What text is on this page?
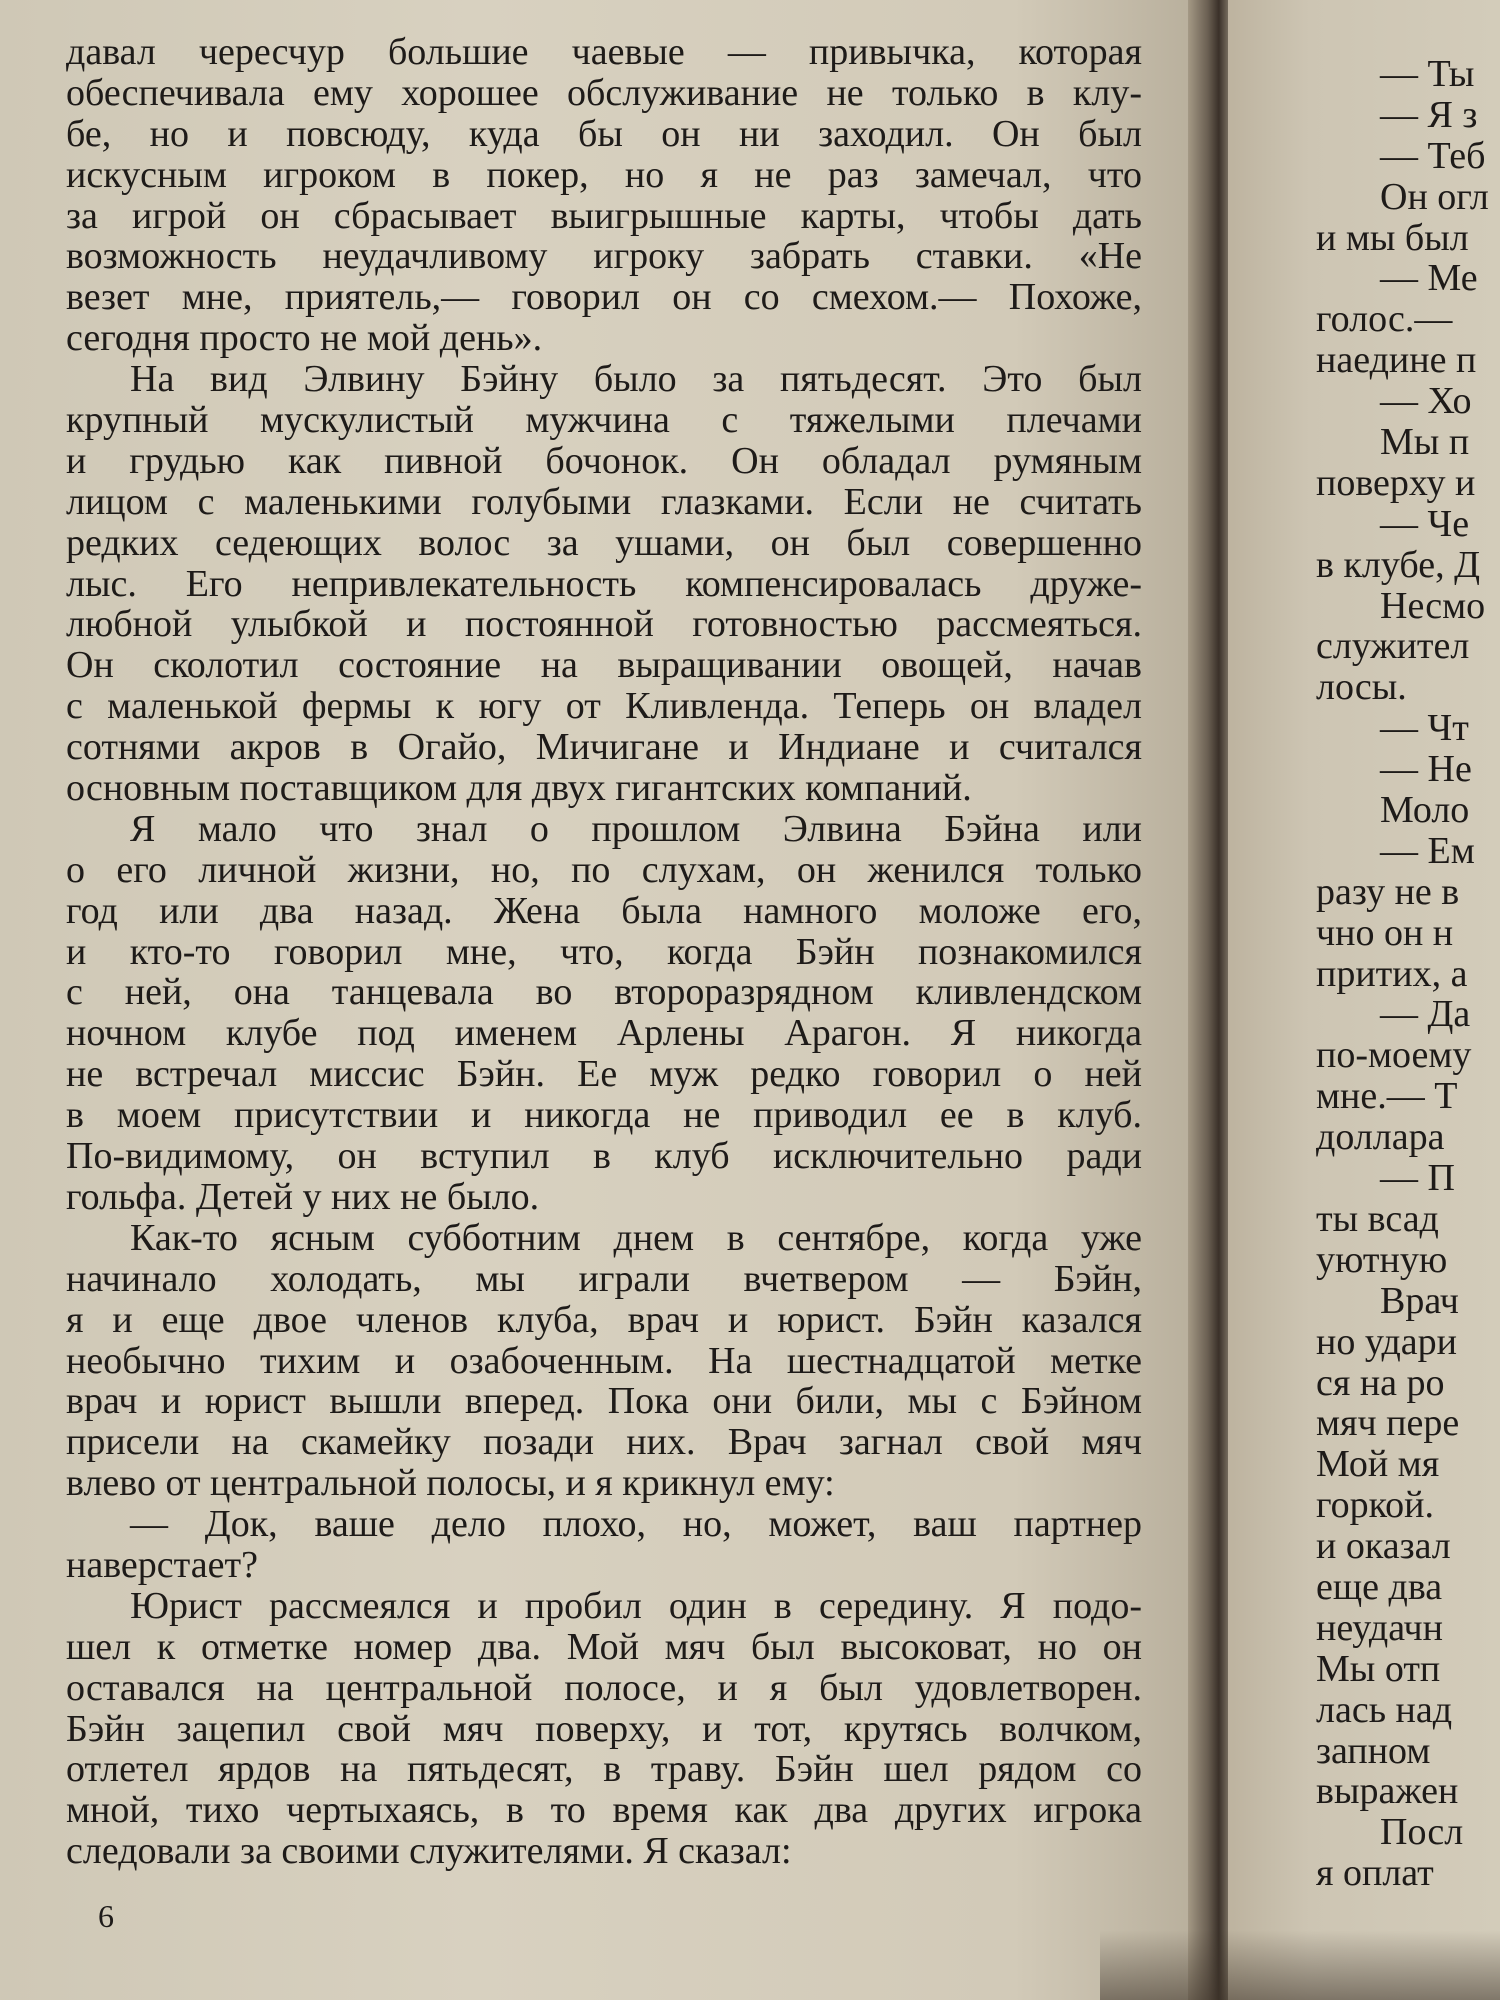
давал чересчур большие чаевые — привычка, которая
обеспечивала ему хорошее обслуживание не только в клу-
бе, но и повсюду, куда бы он ни заходил. Он был
искусным игроком в покер, но я не раз замечал, что
за игрой он сбрасывает выигрышные карты, чтобы дать
возможность неудачливому игроку забрать ставки. «Не
везет мне, приятель,— говорил он со смехом.— Похоже,
сегодня просто не мой день».
На вид Элвину Бэйну было за пятьдесят. Это был
крупный мускулистый мужчина с тяжелыми плечами
и грудью как пивной бочонок. Он обладал румяным
лицом с маленькими голубыми глазками. Если не считать
редких седеющих волос за ушами, он был совершенно
лыс. Его непривлекательность компенсировалась друже-
любной улыбкой и постоянной готовностью рассмеяться.
Он сколотил состояние на выращивании овощей, начав
с маленькой фермы к югу от Кливленда. Теперь он владел
сотнями акров в Огайо, Мичигане и Индиане и считался
основным поставщиком для двух гигантских компаний.
Я мало что знал о прошлом Элвина Бэйна или
о его личной жизни, но, по слухам, он женился только
год или два назад. Жена была намного моложе его,
и кто-то говорил мне, что, когда Бэйн познакомился
с ней, она танцевала во второразрядном кливлендском
ночном клубе под именем Арлены Арагон. Я никогда
не встречал миссис Бэйн. Ее муж редко говорил о ней
в моем присутствии и никогда не приводил ее в клуб.
По-видимому, он вступил в клуб исключительно ради
гольфа. Детей у них не было.
Как-то ясным субботним днем в сентябре, когда уже
начинало холодать, мы играли вчетвером — Бэйн,
я и еще двое членов клуба, врач и юрист. Бэйн казался
необычно тихим и озабоченным. На шестнадцатой метке
врач и юрист вышли вперед. Пока они били, мы с Бэйном
присели на скамейку позади них. Врач загнал свой мяч
влево от центральной полосы, и я крикнул ему:
— Док, ваше дело плохо, но, может, ваш партнер
наверстает?
Юрист рассмеялся и пробил один в середину. Я подо-
шел к отметке номер два. Мой мяч был высоковат, но он
оставался на центральной полосе, и я был удовлетворен.
Бэйн зацепил свой мяч поверху, и тот, крутясь волчком,
отлетел ярдов на пятьдесят, в траву. Бэйн шел рядом со
мной, тихо чертыхаясь, в то время как два других игрока
следовали за своими служителями. Я сказал:
6
— Ты
— Я з
— Теб
Он огл
и мы был
— Ме
голос.—
наедине п
— Хо
Мы п
поверху и
— Че
в клубе, Д
Несмо
служител
лосы.
— Чт
— Не
Моло
— Ем
разу не в
чно он н
притих, а
— Да
по-моему
мне.— Т
доллара
— П
ты всад
уютную
Врач
но удари
ся на ро
мяч пере
Мой мя
горкой.
и оказал
еще два
неудачн
Мы отп
лась над
запном
выражен
Посл
я оплат
